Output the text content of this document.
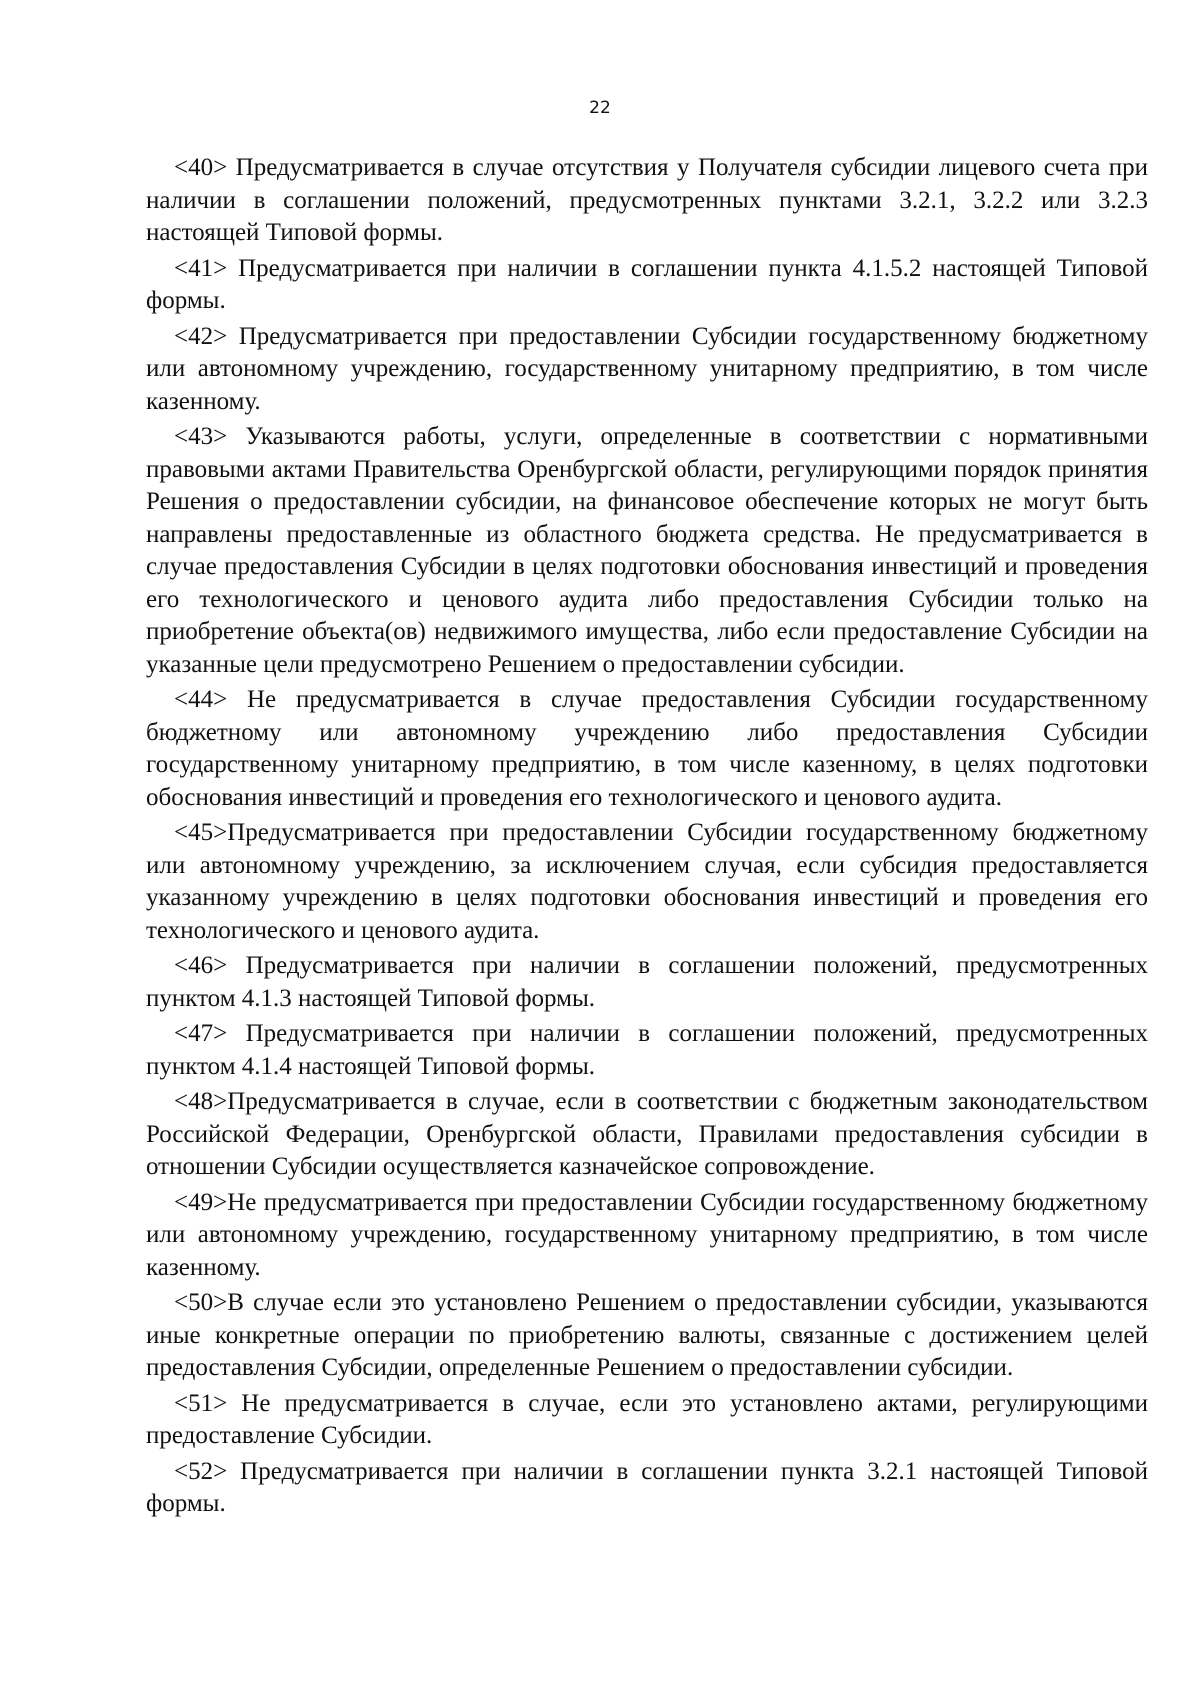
22

<40> Предусматривается в случае отсутствия у Получателя субсидии лицевого счета при наличии в соглашении положений, предусмотренных пунктами 3.2.1, 3.2.2 или 3.2.3 настоящей Типовой формы.

<41> Предусматривается при наличии в соглашении пункта 4.1.5.2 настоящей Типовой формы.

<42> Предусматривается при предоставлении Субсидии государственному бюджетному или автономному учреждению, государственному унитарному предприятию, в том числе казенному.

<43> Указываются работы, услуги, определенные в соответствии с нормативными правовыми актами Правительства Оренбургской области, регулирующими порядок принятия Решения о предоставлении субсидии, на финансовое обеспечение которых не могут быть направлены предоставленные из областного бюджета средства. Не предусматривается в случае предоставления Субсидии в целях подготовки обоснования инвестиций и проведения его технологического и ценового аудита либо предоставления Субсидии только на приобретение объекта(ов) недвижимого имущества, либо если предоставление Субсидии на указанные цели предусмотрено Решением о предоставлении субсидии.

<44> Не предусматривается в случае предоставления Субсидии государственному бюджетному или автономному учреждению либо предоставления Субсидии государственному унитарному предприятию, в том числе казенному, в целях подготовки обоснования инвестиций и проведения его технологического и ценового аудита.

<45>Предусматривается при предоставлении Субсидии государственному бюджетному или автономному учреждению, за исключением случая, если субсидия предоставляется указанному учреждению в целях подготовки обоснования инвестиций и проведения его технологического и ценового аудита.

<46> Предусматривается при наличии в соглашении положений, предусмотренных пунктом 4.1.3 настоящей Типовой формы.

<47> Предусматривается при наличии в соглашении положений, предусмотренных пунктом 4.1.4 настоящей Типовой формы.

<48>Предусматривается в случае, если в соответствии с бюджетным законодательством Российской Федерации, Оренбургской области, Правилами предоставления субсидии в отношении Субсидии осуществляется казначейское сопровождение.

<49>Не предусматривается при предоставлении Субсидии государственному бюджетному или автономному учреждению, государственному унитарному предприятию, в том числе казенному.

<50>В случае если это установлено Решением о предоставлении субсидии, указываются иные конкретные операции по приобретению валюты, связанные с достижением целей предоставления Субсидии, определенные Решением о предоставлении субсидии.

<51> Не предусматривается в случае, если это установлено актами, регулирующими предоставление Субсидии.

<52> Предусматривается при наличии в соглашении пункта 3.2.1 настоящей Типовой формы.
